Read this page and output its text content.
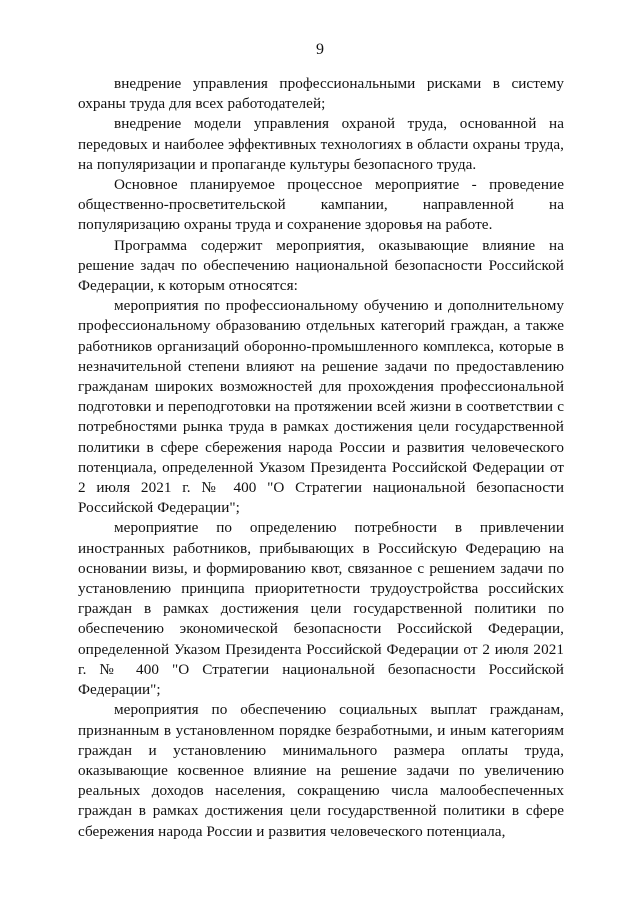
9

внедрение управления профессиональными рисками в систему охраны труда для всех работодателей;

внедрение модели управления охраной труда, основанной на передовых и наиболее эффективных технологиях в области охраны труда, на популяризации и пропаганде культуры безопасного труда.

Основное планируемое процессное мероприятие - проведение общественно-просветительской кампании, направленной на популяризацию охраны труда и сохранение здоровья на работе.

Программа содержит мероприятия, оказывающие влияние на решение задач по обеспечению национальной безопасности Российской Федерации, к которым относятся:

мероприятия по профессиональному обучению и дополнительному профессиональному образованию отдельных категорий граждан, а также работников организаций оборонно-промышленного комплекса, которые в незначительной степени влияют на решение задачи по предоставлению гражданам широких возможностей для прохождения профессиональной подготовки и переподготовки на протяжении всей жизни в соответствии с потребностями рынка труда в рамках достижения цели государственной политики в сфере сбережения народа России и развития человеческого потенциала, определенной Указом Президента Российской Федерации от 2 июля 2021 г. № 400 "О Стратегии национальной безопасности Российской Федерации";

мероприятие по определению потребности в привлечении иностранных работников, прибывающих в Российскую Федерацию на основании визы, и формированию квот, связанное с решением задачи по установлению принципа приоритетности трудоустройства российских граждан в рамках достижения цели государственной политики по обеспечению экономической безопасности Российской Федерации, определенной Указом Президента Российской Федерации от 2 июля 2021 г. № 400 "О Стратегии национальной безопасности Российской Федерации";

мероприятия по обеспечению социальных выплат гражданам, признанным в установленном порядке безработными, и иным категориям граждан и установлению минимального размера оплаты труда, оказывающие косвенное влияние на решение задачи по увеличению реальных доходов населения, сокращению числа малообеспеченных граждан в рамках достижения цели государственной политики в сфере сбережения народа России и развития человеческого потенциала,
